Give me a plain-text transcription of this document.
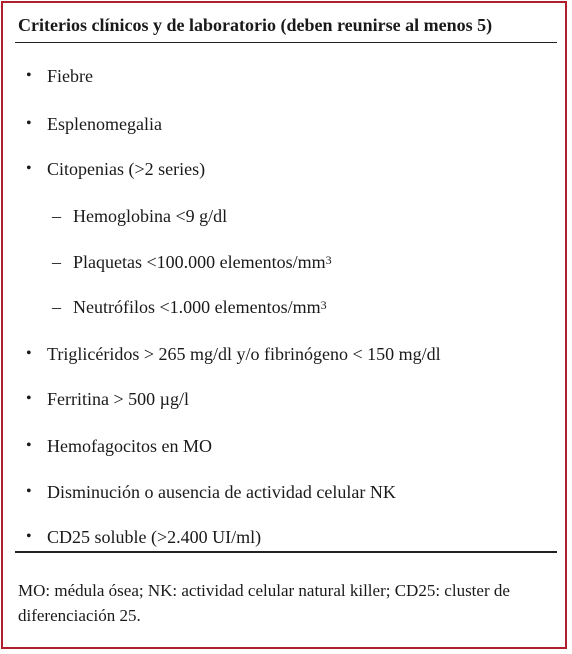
Criterios clínicos y de laboratorio (deben reunirse al menos 5)
• Fiebre
• Esplenomegalia
• Citopenias (>2 series)
– Hemoglobina <9 g/dl
– Plaquetas <100.000 elementos/$mm^3$
– Neutrófilos <1.000 elementos/$mm^3$
• Triglicéridos > 265 mg/dl y/o fibrinógeno < 150 mg/dl
• Ferritina > 500 µg/l
• Hemofagocitos en MO
• Disminución o ausencia de actividad celular NK
• CD25 soluble (>2.400 UI/ml)
MO: médula ósea; NK: actividad celular natural killer; CD25: cluster de diferenciación 25.
